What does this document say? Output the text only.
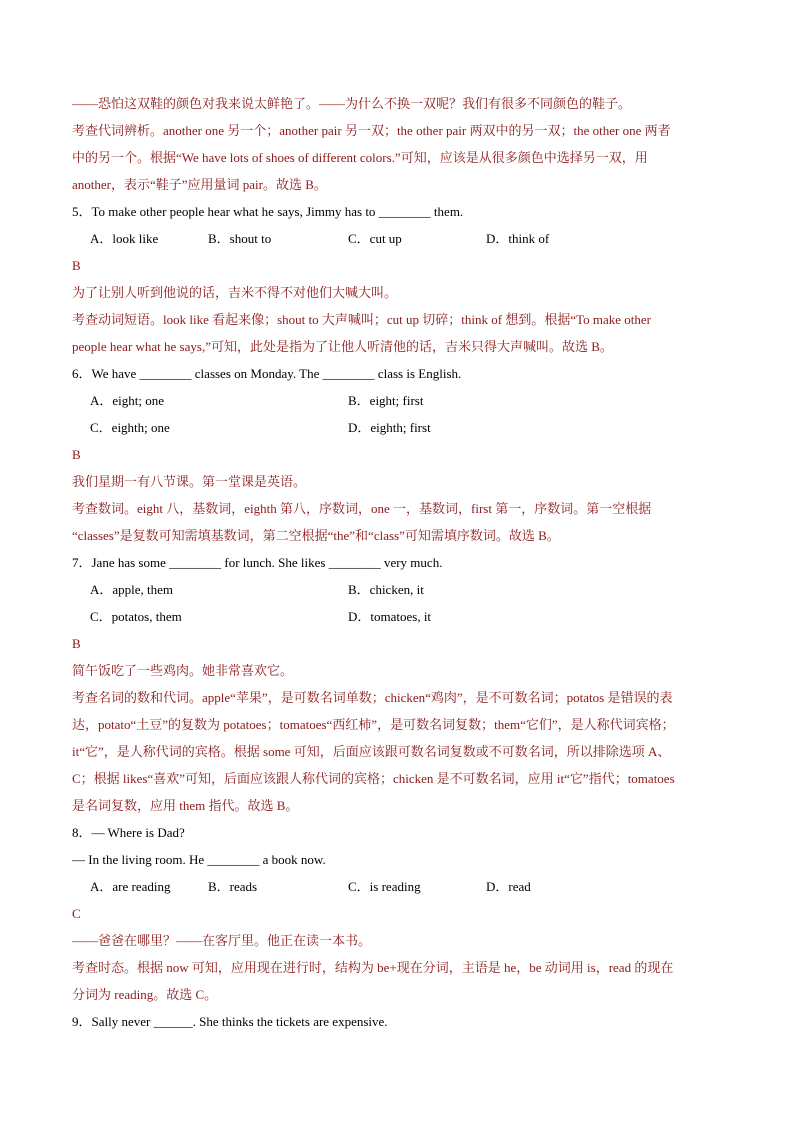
——恐怕这双鞋的颜色对我来说太鲜艳了。——为什么不换一双呢？我们有很多不同颜色的鞋子。

考查代词辨析。another one 另一个；another pair 另一双；the other pair 两双中的另一双；the other one 两者

中的另一个。根据“We have lots of shoes of different colors.”可知，应该是从很多颜色中选择另一双，用

another，表示“鞋子”应用量词 pair。故选 B。

5．To make other people hear what he says, Jimmy has to ________ them.

A．look like	B．shout to	C．cut up	D．think of

B

为了让别人听到他说的话，吉米不得不对他们大喊大叫。

考查动词短语。look like 看起来像；shout to 大声喊叫；cut up 切碎；think of 想到。根据“To make other

people hear what he says,”可知，此处是指为了让他人听清他的话，吉米只得大声喊叫。故选 B。

6．We have ________ classes on Monday. The ________ class is English.

A．eight; one	B．eight; first
C．eighth; one	D．eighth; first

B

我们星期一有八节课。第一堂课是英语。

考查数词。eight 八，基数词，eighth 第八，序数词，one 一，基数词，first 第一，序数词。第一空根据

“classes”是复数可知需填基数词，第二空根据“the”和“class”可知需填序数词。故选 B。

7．Jane has some ________ for lunch. She likes ________ very much.

A．apple, them	B．chicken, it
C．potatos, them	D．tomatoes, it

B

简午饭吃了一些鸡肉。她非常喜欢它。

考查名词的数和代词。apple“苹果”，是可数名词单数；chicken“鸡肉”，是不可数名词；potatos 是错误的表

达，potato“土豆”的复数为 potatoes；tomatoes“西红柿”，是可数名词复数；them“它们”，是人称代词宾格；

it“它”，是人称代词的宾格。根据 some 可知，后面应该跟可数名词复数或不可数名词，所以排除选项 A、

C；根据 likes“喜欢”可知，后面应该跟人称代词的宾格；chicken 是不可数名词，应用 it“它”指代；tomatoes

是名词复数，应用 them 指代。故选 B。

8．— Where is Dad?

— In the living room. He ________ a book now.

A．are reading	B．reads	C．is reading	D．read

C

——爸爸在哪里？——在客厅里。他正在读一本书。

考查时态。根据 now 可知，应用现在进行时，结构为 be+现在分词，主语是 he，be 动词用 is，read 的现在

分词为 reading。故选 C。

9．Sally never ______. She thinks the tickets are expensive.
